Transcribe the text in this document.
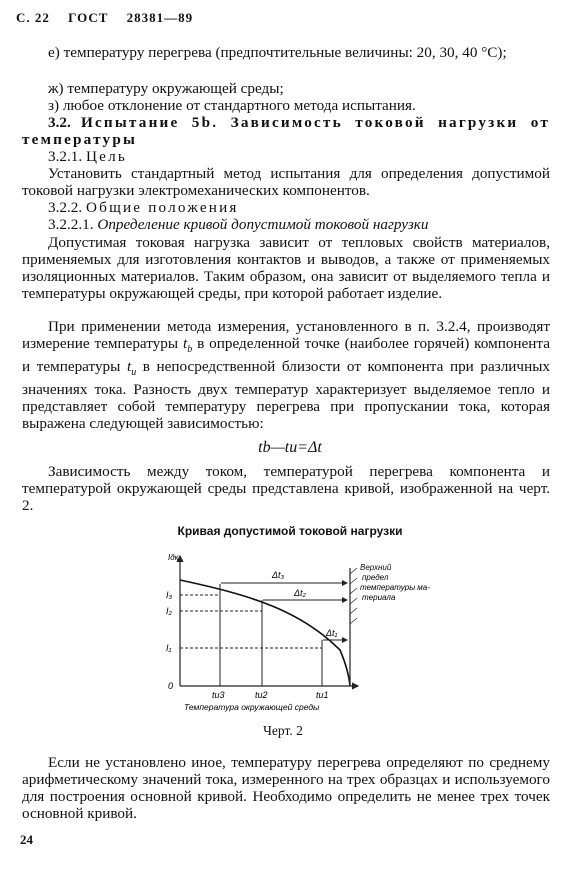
С. 22 ГОСТ 28381—89
е) температуру перегрева (предпочтительные величины: 20, 30, 40 °С);
ж) температуру окружающей среды;
з) любое отклонение от стандартного метода испытания.
3.2. Испытание 5b. Зависимость токовой нагрузки от температуры
3.2.1. Цель
Установить стандартный метод испытания для определения допустимой токовой нагрузки электромеханических компонентов.
3.2.2. Общие положения
3.2.2.1. Определение кривой допустимой токовой нагрузки
Допустимая токовая нагрузка зависит от тепловых свойств материалов, применяемых для изготовления контактов и выводов, а также от применяемых изоляционных материалов. Таким образом, она зависит от выделяемого тепла и температуры окружающей среды, при которой работает изделие.
При применении метода измерения, установленного в п. 3.2.4, производят измерение температуры $t_b$ в определенной точке (наиболее горячей) компонента и температуры $t_u$ в непосредственной близости от компонента при различных значениях тока. Разность двух температур характеризует выделяемое тепло и представляет собой температуру перегрева при пропускании тока, которая выражена следующей зависимостью:
tb—tu=Δt
Зависимость между током, температурой перегрева компонента и температурой окружающей среды представлена кривой, изображенной на черт. 2.
Кривая допустимой токовой нагрузки
Iдк
Верхний
предел
температуры ма-
териала
Δt₃
Δt₂
Δt₁
I₃
I₂
I₁
0
tu3	tu2	tu1
Температура окружающей среды
Черт. 2
Если не установлено иное, температуру перегрева определяют по среднему арифметическому значений тока, измеренного на трех образцах и используемого для построения основной кривой. Необходимо определить не менее трех точек основной кривой.
24
